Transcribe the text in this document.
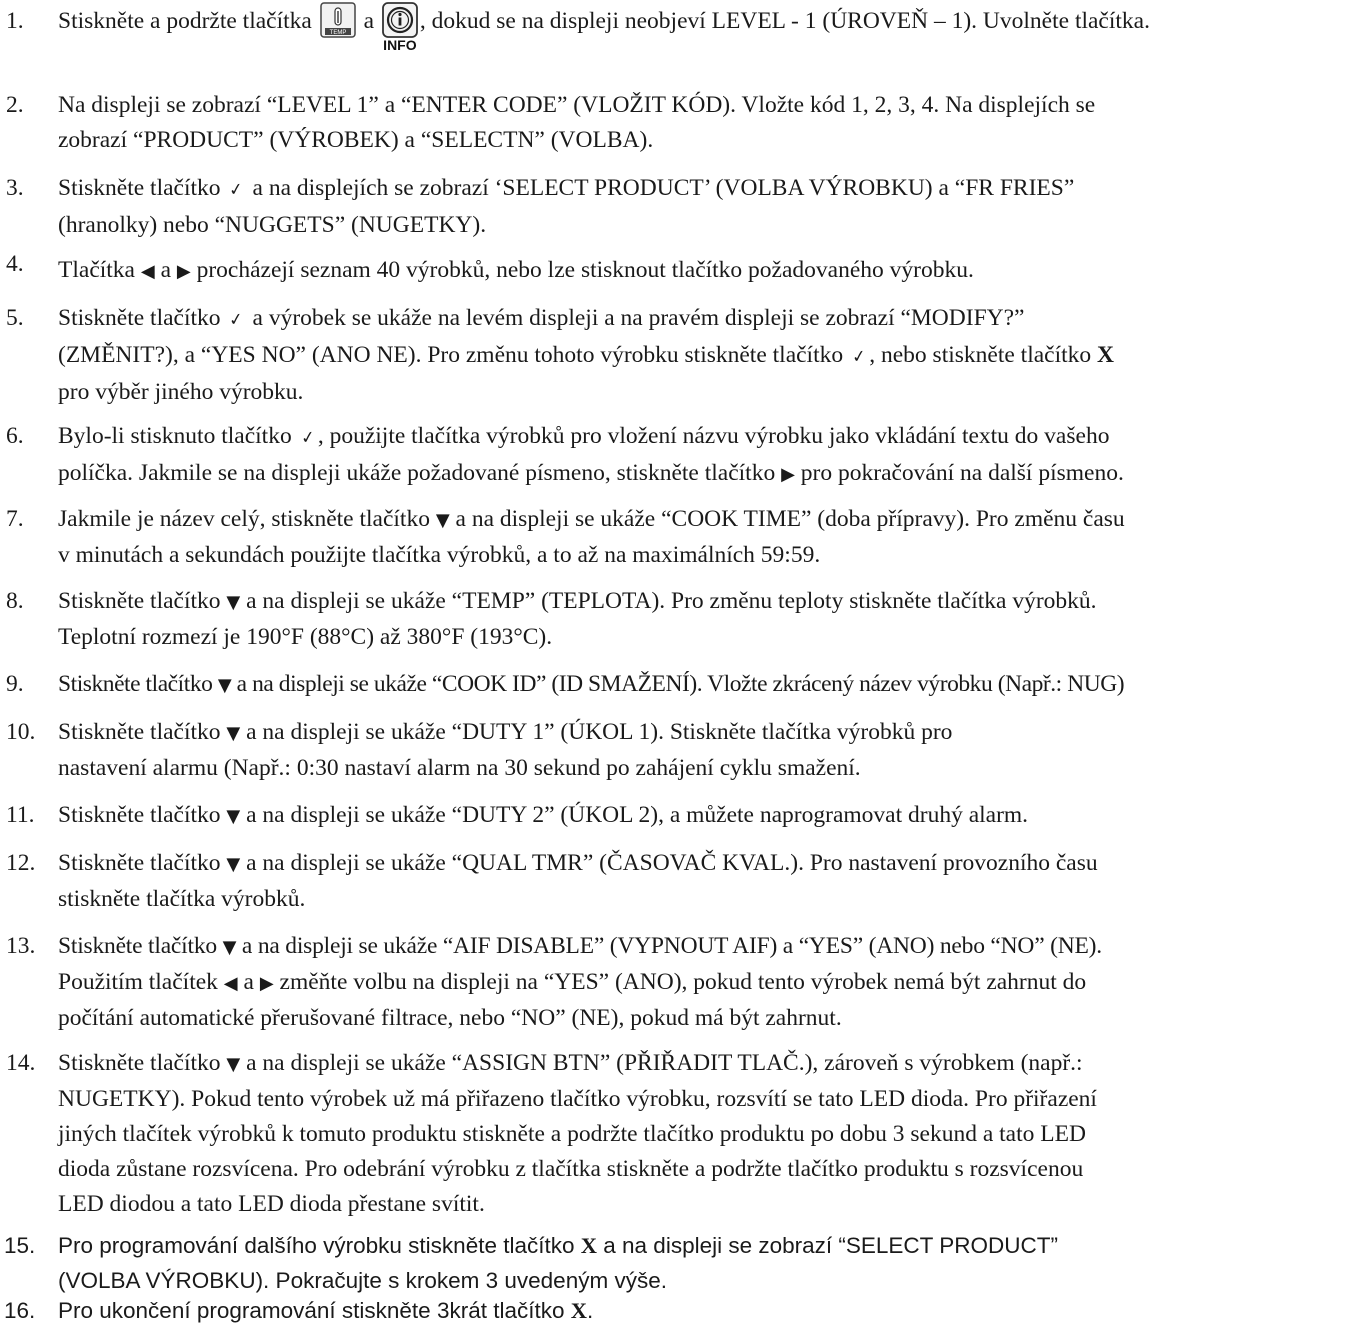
1. Stiskněte a podržte tlačítka TEMP a
INFO
, dokud se na displeji neobjeví LEVEL - 1 (ÚROVEŇ – 1). Uvolněte tlačítka.
2. Na displeji se zobrazí “LEVEL 1” a “ENTER CODE” (VLOŽIT KÓD). Vložte kód 1, 2, 3, 4. Na displejích se
zobrazí “PRODUCT” (VÝROBEK) a “SELECTN” (VOLBA).
3. Stiskněte tlačítko ✓ a na displejích se zobrazí ‘SELECT PRODUCT’ (VOLBA VÝROBKU) a “FR FRIES”
(hranolky) nebo “NUGGETS” (NUGETKY).
4. Tlačítka ◀ a ▶ procházejí seznam 40 výrobků, nebo lze stisknout tlačítko požadovaného výrobku.
5. Stiskněte tlačítko ✓ a výrobek se ukáže na levém displeji a na pravém displeji se zobrazí “MODIFY?”
(ZMĚNIT?), a “YES NO” (ANO NE). Pro změnu tohoto výrobku stiskněte tlačítko ✓, nebo stiskněte tlačítko X
pro výběr jiného výrobku.
6. Bylo-li stisknuto tlačítko ✓, použijte tlačítka výrobků pro vložení názvu výrobku jako vkládání textu do vašeho
políčka. Jakmile se na displeji ukáže požadované písmeno, stiskněte tlačítko ▶ pro pokračování na další písmeno.
7. Jakmile je název celý, stiskněte tlačítko ▼ a na displeji se ukáže “COOK TIME” (doba přípravy). Pro změnu času
v minutách a sekundách použijte tlačítka výrobků, a to až na maximálních 59:59.
8. Stiskněte tlačítko ▼ a na displeji se ukáže “TEMP” (TEPLOTA). Pro změnu teploty stiskněte tlačítka výrobků.
Teplotní rozmezí je 190°F (88°C) až 380°F (193°C).
9. Stiskněte tlačítko ▼ a na displeji se ukáže “COOK ID” (ID SMAŽENÍ). Vložte zkrácený název výrobku (Např.: NUG)
10. Stiskněte tlačítko ▼ a na displeji se ukáže “DUTY 1” (ÚKOL 1). Stiskněte tlačítka výrobků pro
nastavení alarmu (Např.: 0:30 nastaví alarm na 30 sekund po zahájení cyklu smažení.
11. Stiskněte tlačítko ▼ a na displeji se ukáže “DUTY 2” (ÚKOL 2), a můžete naprogramovat druhý alarm.
12. Stiskněte tlačítko ▼ a na displeji se ukáže “QUAL TMR” (ČASOVAČ KVAL.). Pro nastavení provozního času
stiskněte tlačítka výrobků.
13. Stiskněte tlačítko ▼ a na displeji se ukáže “AIF DISABLE” (VYPNOUT AIF) a “YES” (ANO) nebo “NO” (NE).
Použitím tlačítek ◀ a ▶ změňte volbu na displeji na “YES” (ANO), pokud tento výrobek nemá být zahrnut do
počítání automatické přerušované filtrace, nebo “NO” (NE), pokud má být zahrnut.
14. Stiskněte tlačítko ▼ a na displeji se ukáže “ASSIGN BTN” (PŘIŘADIT TLAČ.), zároveň s výrobkem (např.:
NUGETKY). Pokud tento výrobek už má přiřazeno tlačítko výrobku, rozsvítí se tato LED dioda. Pro přiřazení
jiných tlačítek výrobků k tomuto produktu stiskněte a podržte tlačítko produktu po dobu 3 sekund a tato LED
dioda zůstane rozsvícena. Pro odebrání výrobku z tlačítka stiskněte a podržte tlačítko produktu s rozsvícenou
LED diodou a tato LED dioda přestane svítit.
15. Pro programování dalšího výrobku stiskněte tlačítko X a na displeji se zobrazí “SELECT PRODUCT”
(VOLBA VÝROBKU). Pokračujte s krokem 3 uvedeným výše.
16. Pro ukončení programování stiskněte 3krát tlačítko X.
